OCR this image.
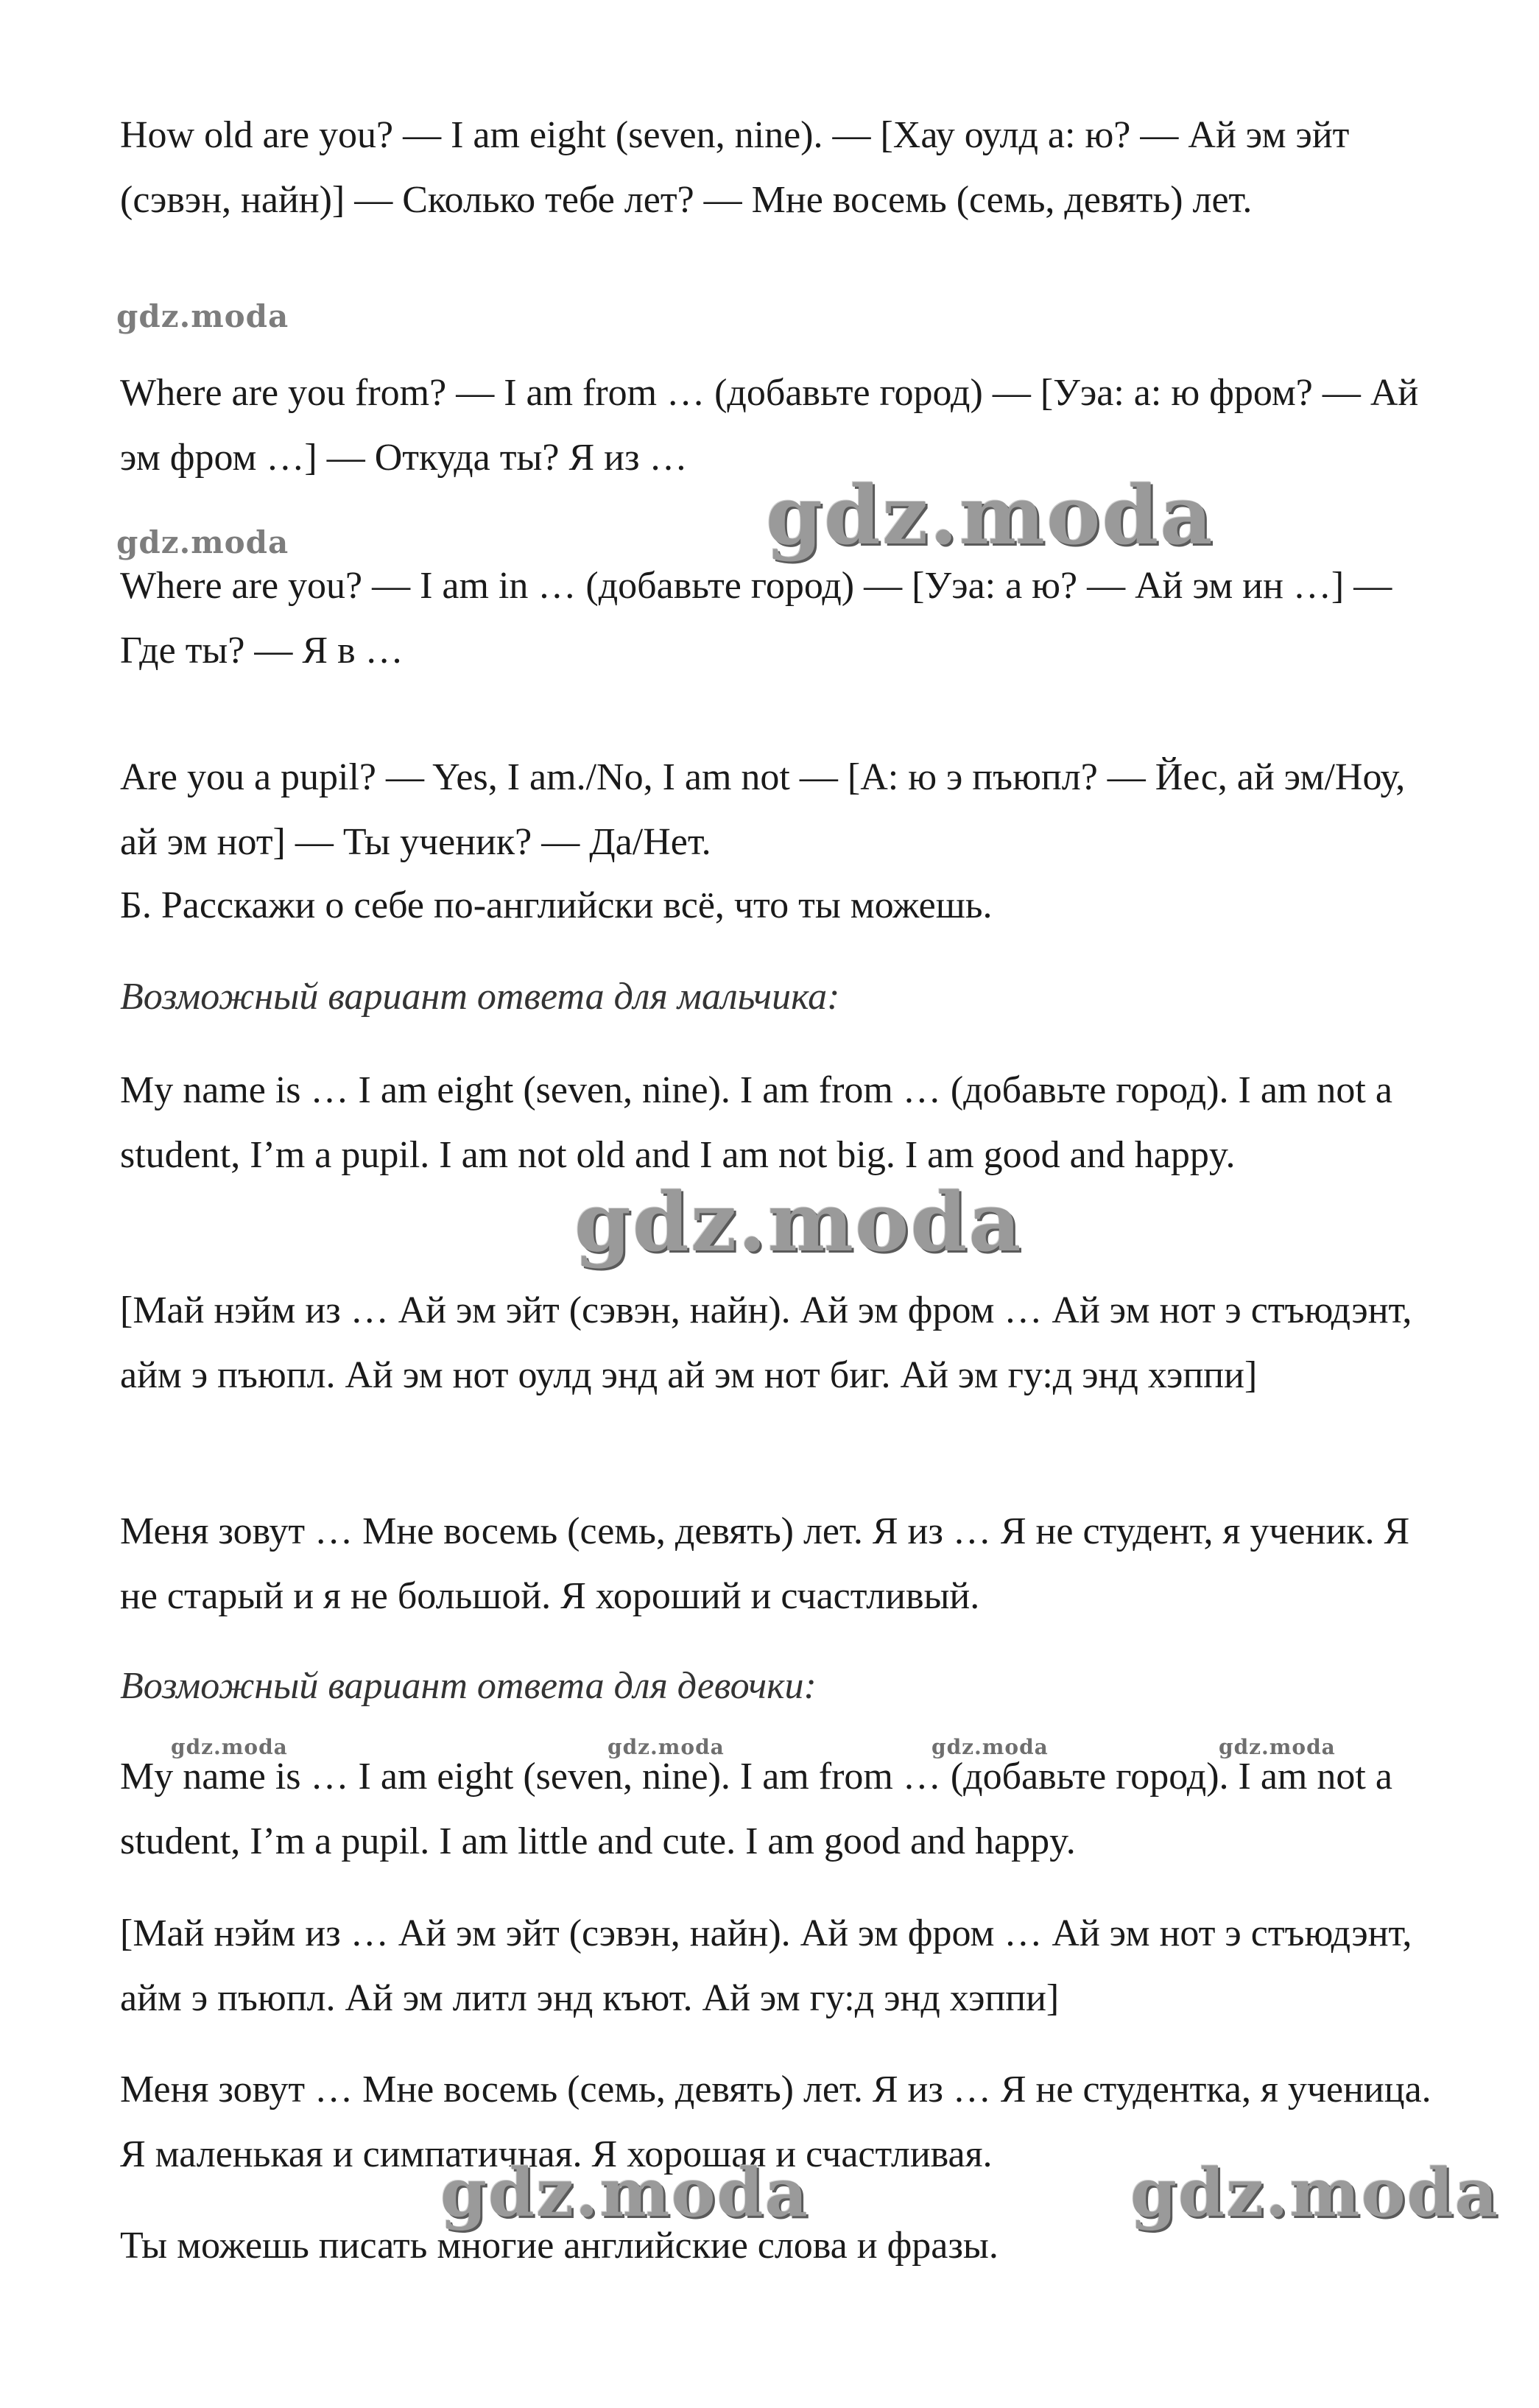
How old are you? — I am eight (seven, nine). — [Хау оулд а: ю? — Ай эм эйт (сэвэн, найн)] — Сколько тебе лет? — Мне восемь (семь, девять) лет.

gdz.moda

Where are you from? — I am from … (добавьте город) — [Уэа: а: ю фром? — Ай эм фром …] — Откуда ты? Я из …

gdz.moda
gdz.moda

Where are you? — I am in … (добавьте город) — [Уэа: а ю? — Ай эм ин …] — Где ты? — Я в …

Are you a pupil? — Yes, I am./No, I am not — [А: ю э пъюпл? — Йес, ай эм/Ноу, ай эм нот] — Ты ученик? — Да/Нет.

Б. Расскажи о себе по-английски всё, что ты можешь.

Возможный вариант ответа для мальчика:

My name is … I am eight (seven, nine). I am from … (добавьте город). I am not a student, I’m a pupil. I am not old and I am not big. I am good and happy.

gdz.moda

[Май нэйм из … Ай эм эйт (сэвэн, найн). Ай эм фром … Ай эм нот э стъюдэнт, айм э пъюпл. Ай эм нот оулд энд ай эм нот биг. Ай эм гу:д энд хэппи]

Меня зовут … Мне восемь (семь, девять) лет. Я из … Я не студент, я ученик. Я не старый и я не большой. Я хороший и счастливый.

Возможный вариант ответа для девочки:

gdz.moda	gdz.moda	gdz.moda	gdz.moda

My name is … I am eight (seven, nine). I am from … (добавьте город). I am not a student, I’m a pupil. I am little and cute. I am good and happy.

[Май нэйм из … Ай эм эйт (сэвэн, найн). Ай эм фром … Ай эм нот э стъюдэнт, айм э пъюпл. Ай эм литл энд къют. Ай эм гу:д энд хэппи]

Меня зовут … Мне восемь (семь, девять) лет. Я из … Я не студентка, я ученица. Я маленькая и симпатичная. Я хорошая и счастливая.

gdz.moda	gdz.moda

Ты можешь писать многие английские слова и фразы.
